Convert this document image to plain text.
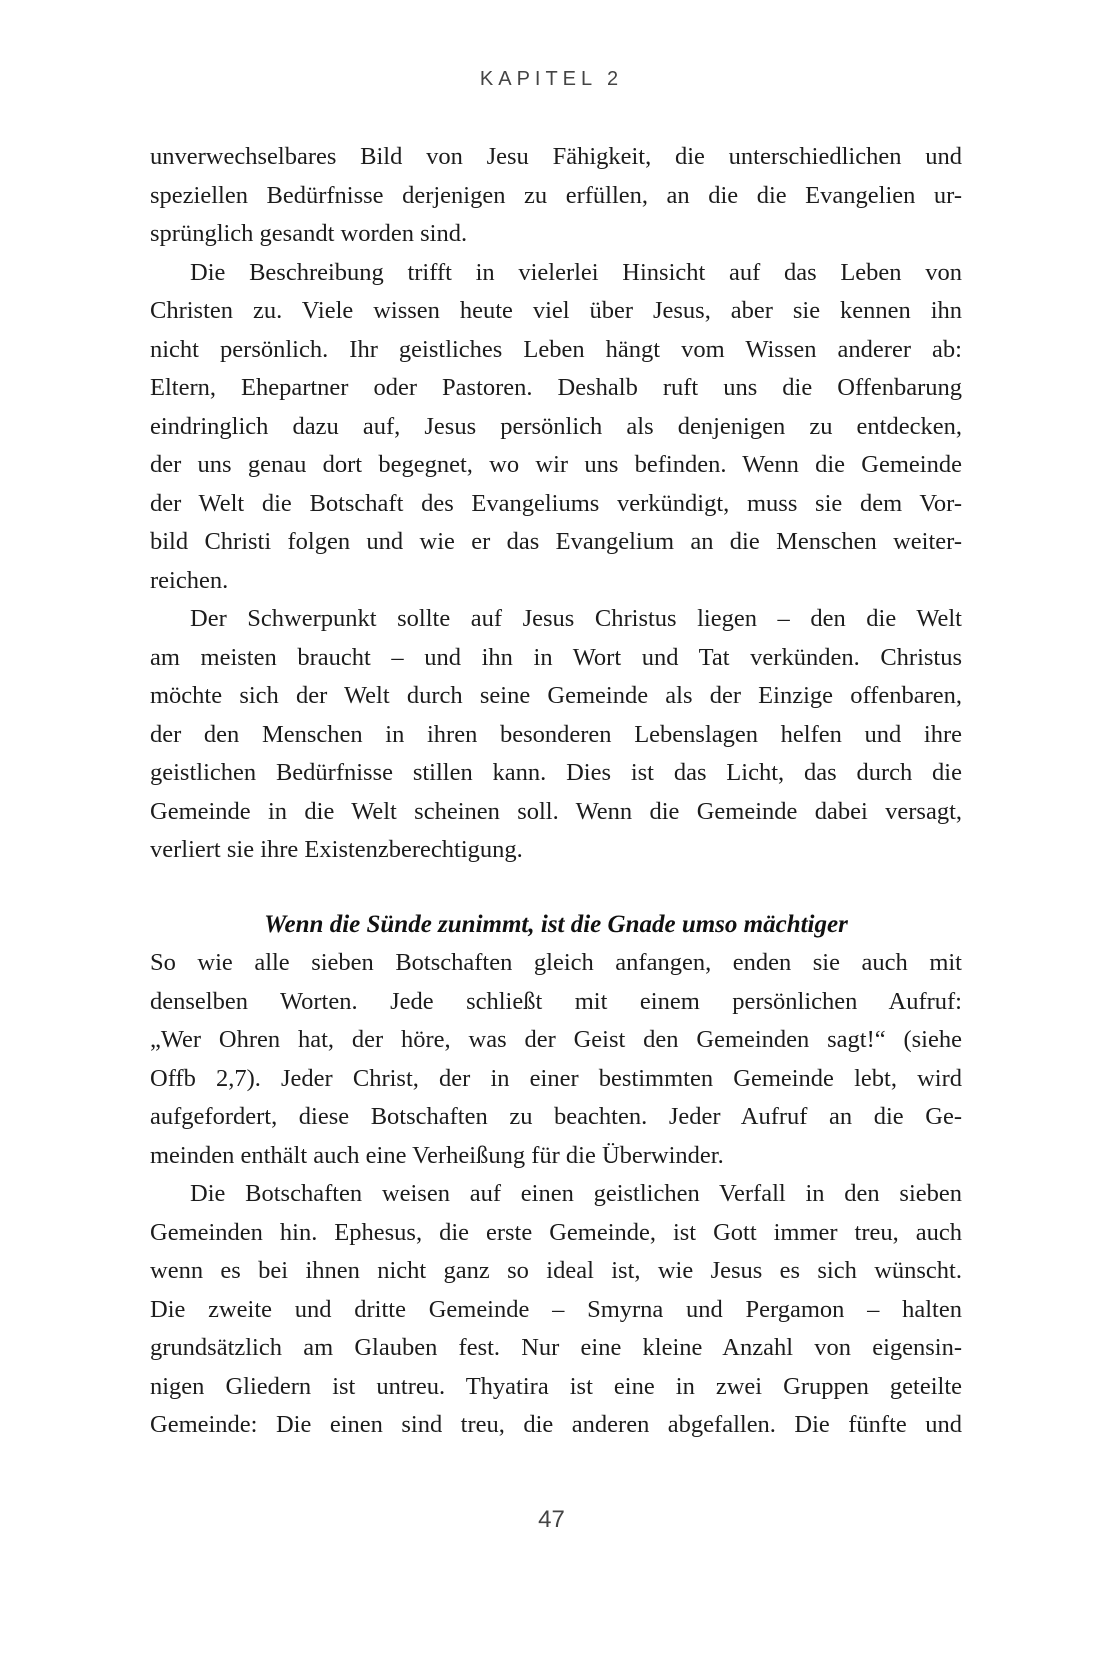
KAPITEL 2
unverwechselbares Bild von Jesu Fähigkeit, die unterschiedlichen und
speziellen Bedürfnisse derjenigen zu erfüllen, an die die Evangelien ur-
sprünglich gesandt worden sind.
Die Beschreibung trifft in vielerlei Hinsicht auf das Leben von
Christen zu. Viele wissen heute viel über Jesus, aber sie kennen ihn
nicht persönlich. Ihr geistliches Leben hängt vom Wissen anderer ab:
Eltern, Ehepartner oder Pastoren. Deshalb ruft uns die Offenbarung
eindringlich dazu auf, Jesus persönlich als denjenigen zu entdecken,
der uns genau dort begegnet, wo wir uns befinden. Wenn die Gemeinde
der Welt die Botschaft des Evangeliums verkündigt, muss sie dem Vor-
bild Christi folgen und wie er das Evangelium an die Menschen weiter-
reichen.
Der Schwerpunkt sollte auf Jesus Christus liegen – den die Welt
am meisten braucht – und ihn in Wort und Tat verkünden. Christus
möchte sich der Welt durch seine Gemeinde als der Einzige offenbaren,
der den Menschen in ihren besonderen Lebenslagen helfen und ihre
geistlichen Bedürfnisse stillen kann. Dies ist das Licht, das durch die
Gemeinde in die Welt scheinen soll. Wenn die Gemeinde dabei versagt,
verliert sie ihre Existenzberechtigung.
Wenn die Sünde zunimmt, ist die Gnade umso mächtiger
So wie alle sieben Botschaften gleich anfangen, enden sie auch mit
denselben Worten. Jede schließt mit einem persönlichen Aufruf:
„Wer Ohren hat, der höre, was der Geist den Gemeinden sagt!“ (siehe
Offb 2,7). Jeder Christ, der in einer bestimmten Gemeinde lebt, wird
aufgefordert, diese Botschaften zu beachten. Jeder Aufruf an die Ge-
meinden enthält auch eine Verheißung für die Überwinder.
Die Botschaften weisen auf einen geistlichen Verfall in den sieben
Gemeinden hin. Ephesus, die erste Gemeinde, ist Gott immer treu, auch
wenn es bei ihnen nicht ganz so ideal ist, wie Jesus es sich wünscht.
Die zweite und dritte Gemeinde – Smyrna und Pergamon – halten
grundsätzlich am Glauben fest. Nur eine kleine Anzahl von eigensin-
nigen Gliedern ist untreu. Thyatira ist eine in zwei Gruppen geteilte
Gemeinde: Die einen sind treu, die anderen abgefallen. Die fünfte und
47
